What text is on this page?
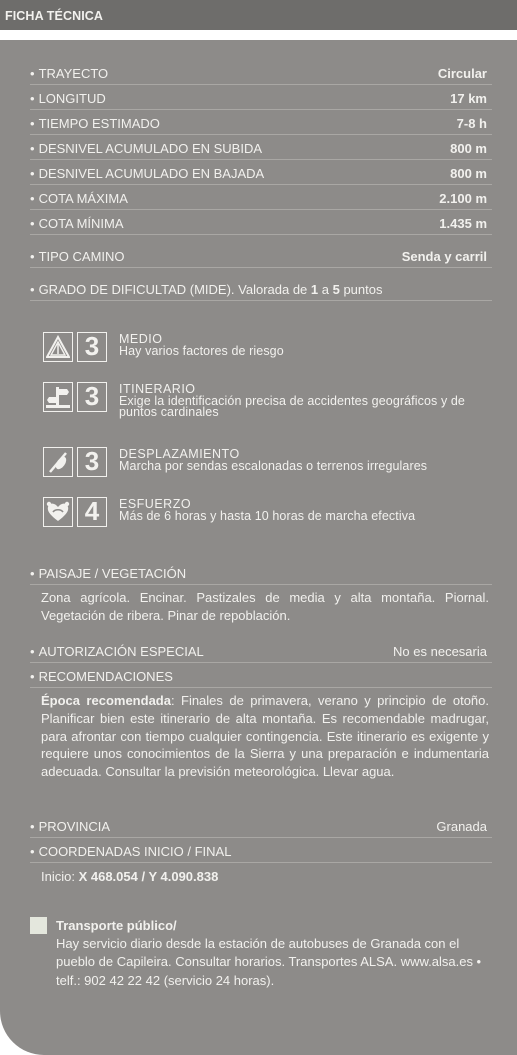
FICHA TÉCNICA
• TRAYECTO	Circular
• LONGITUD	17 km
• TIEMPO ESTIMADO	7-8 h
• DESNIVEL ACUMULADO EN SUBIDA	800 m
• DESNIVEL ACUMULADO EN BAJADA	800 m
• COTA MÁXIMA	2.100 m
• COTA MÍNIMA	1.435 m
• TIPO CAMINO	Senda y carril
• GRADO DE DIFICULTAD (MIDE). Valorada de 1 a 5 puntos
3	MEDIO
Hay varios factores de riesgo
3	ITINERARIO
Exige la identificación precisa de accidentes geográficos y de puntos cardinales
3	DESPLAZAMIENTO
Marcha por sendas escalonadas o terrenos irregulares
4	ESFUERZO
Más de 6 horas y hasta 10 horas de marcha efectiva
• PAISAJE / VEGETACIÓN
Zona agrícola. Encinar. Pastizales de media y alta montaña. Piornal. Vegetación de ribera. Pinar de repoblación.
• AUTORIZACIÓN ESPECIAL	No es necesaria
• RECOMENDACIONES
Época recomendada: Finales de primavera, verano y principio de otoño. Planificar bien este itinerario de alta montaña. Es recomendable madrugar, para afrontar con tiempo cualquier contingencia. Este itinerario es exigente y requiere unos conocimientos de la Sierra y una preparación e indumentaria adecuada. Consultar la previsión meteorológica. Llevar agua.
• PROVINCIA	Granada
• COORDENADAS INICIO / FINAL
Inicio: X 468.054 / Y 4.090.838
Transporte público/
Hay servicio diario desde la estación de autobuses de Granada con el pueblo de Capileira. Consultar horarios. Transportes ALSA. www.alsa.es • telf.: 902 42 22 42 (servicio 24 horas).
